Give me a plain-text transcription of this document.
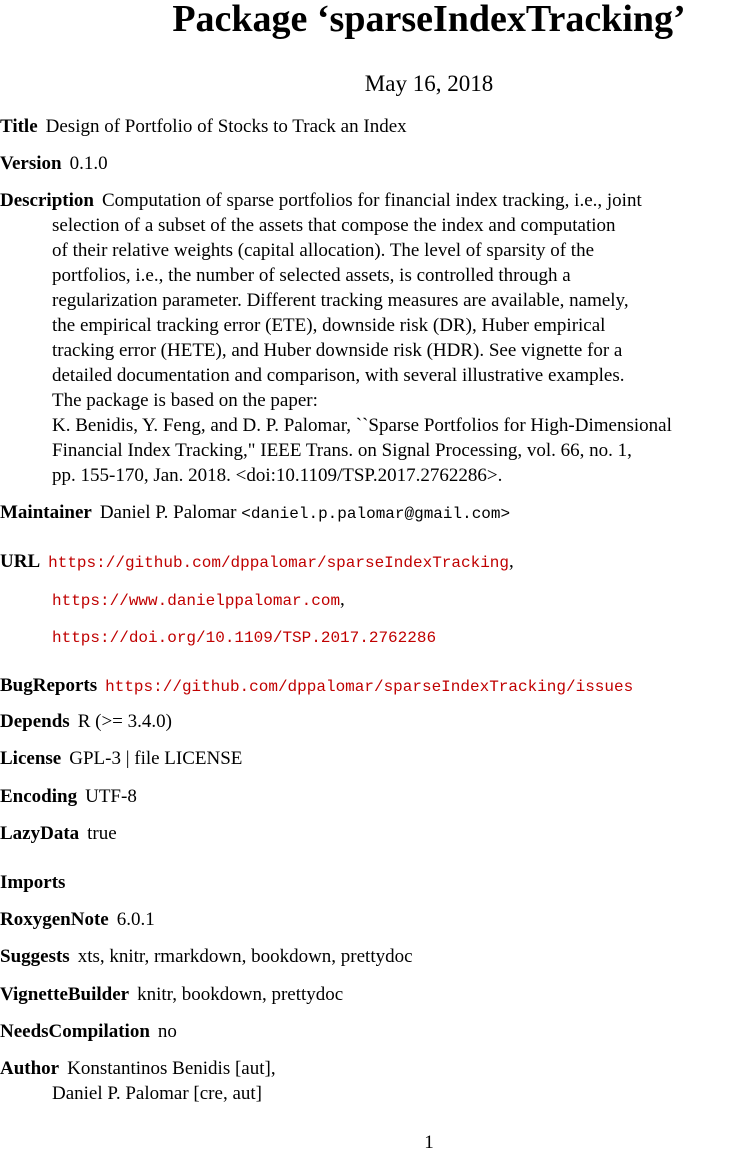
Package ‘sparseIndexTracking’
May 16, 2018
Title Design of Portfolio of Stocks to Track an Index
Version 0.1.0
Description Computation of sparse portfolios for financial index tracking, i.e., joint
selection of a subset of the assets that compose the index and computation
of their relative weights (capital allocation). The level of sparsity of the
portfolios, i.e., the number of selected assets, is controlled through a
regularization parameter. Different tracking measures are available, namely,
the empirical tracking error (ETE), downside risk (DR), Huber empirical
tracking error (HETE), and Huber downside risk (HDR). See vignette for a
detailed documentation and comparison, with several illustrative examples.
The package is based on the paper:
K. Benidis, Y. Feng, and D. P. Palomar, ``Sparse Portfolios for High-Dimensional
Financial Index Tracking," IEEE Trans. on Signal Processing, vol. 66, no. 1,
pp. 155-170, Jan. 2018. <doi:10.1109/TSP.2017.2762286>.
Maintainer Daniel P. Palomar <daniel.p.palomar@gmail.com>
URL https://github.com/dppalomar/sparseIndexTracking,
https://www.danielppalomar.com,
https://doi.org/10.1109/TSP.2017.2762286
BugReports https://github.com/dppalomar/sparseIndexTracking/issues
Depends R (>= 3.4.0)
License GPL-3 | file LICENSE
Encoding UTF-8
LazyData true
Imports
RoxygenNote 6.0.1
Suggests xts, knitr, rmarkdown, bookdown, prettydoc
VignetteBuilder knitr, bookdown, prettydoc
NeedsCompilation no
Author Konstantinos Benidis [aut],
Daniel P. Palomar [cre, aut]
1
